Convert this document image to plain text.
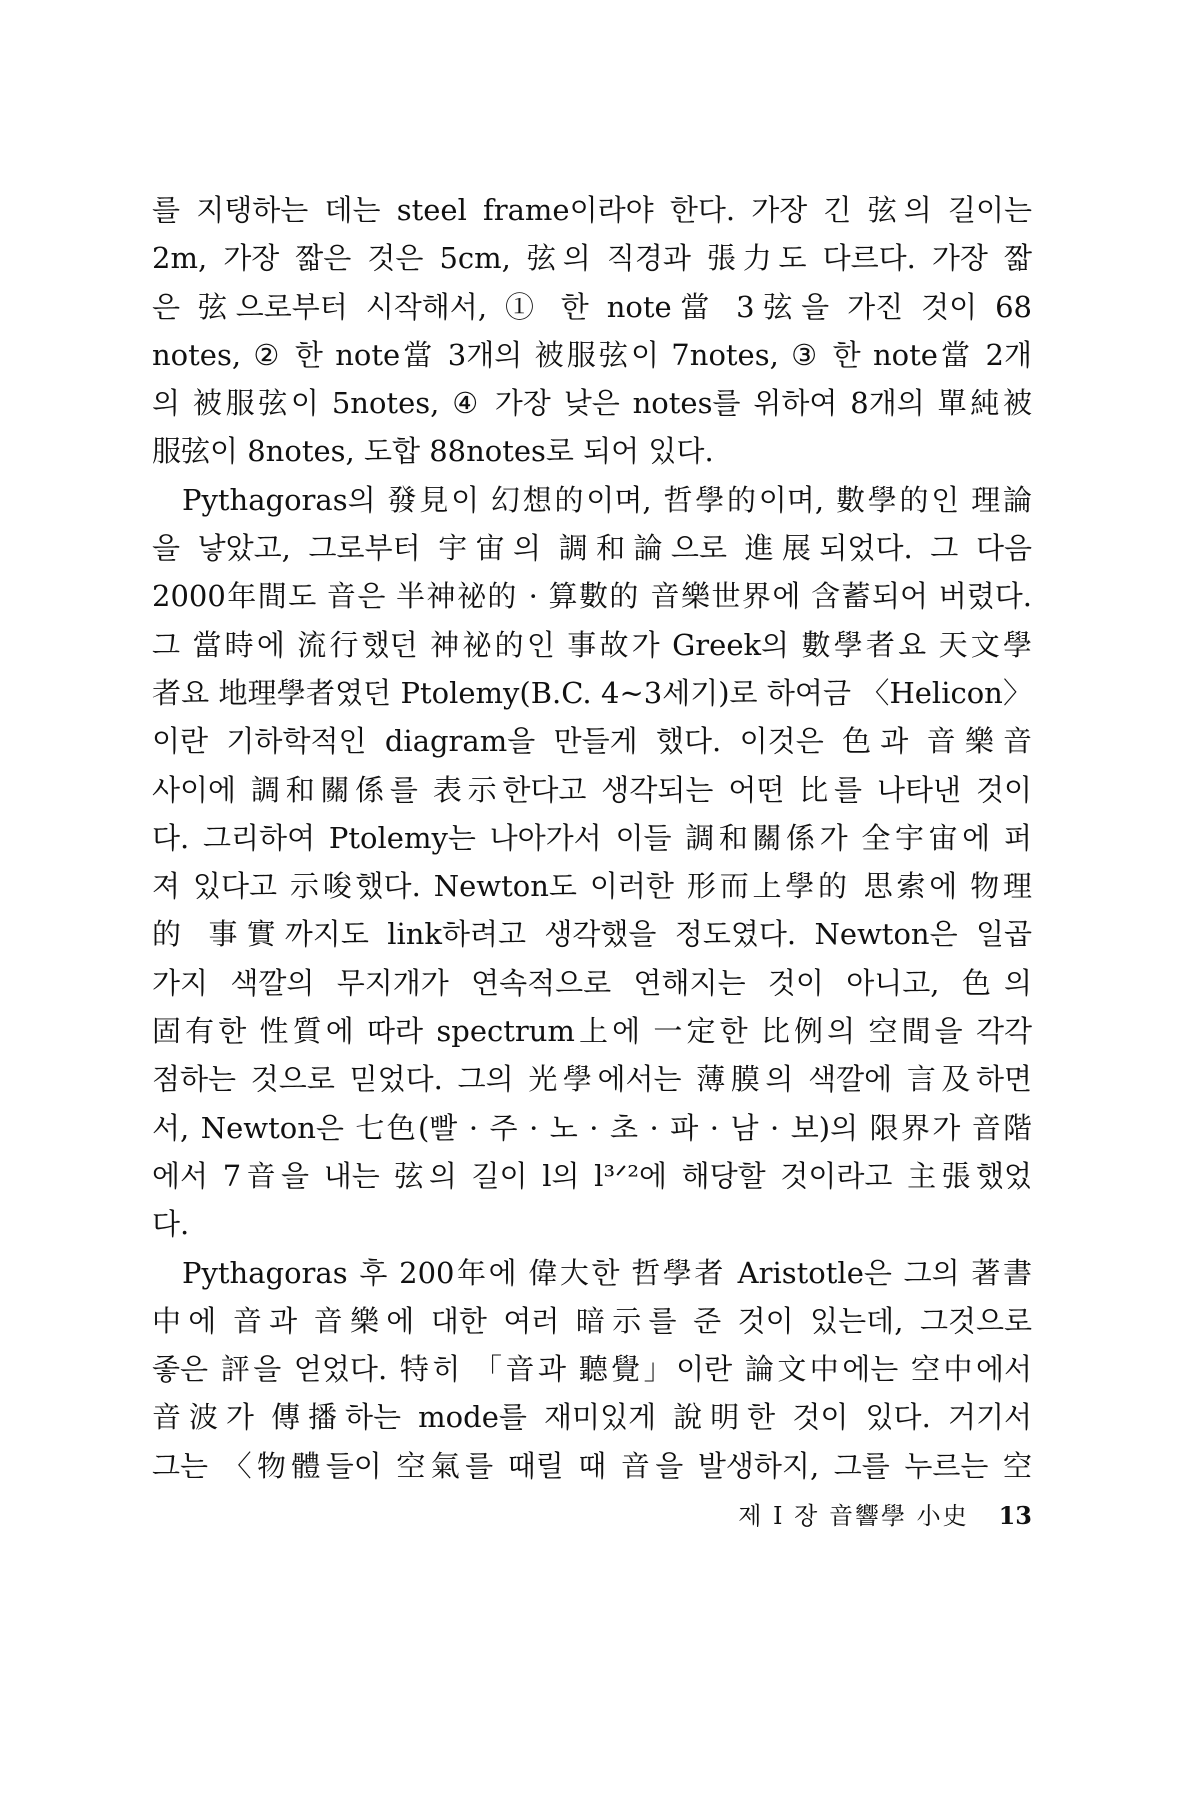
를 지탱하는 데는 steel frame이라야 한다. 가장 긴 弦의 길이는
2m, 가장 짧은 것은 5cm, 弦의 직경과 張力도 다르다. 가장 짧
은 弦으로부터 시작해서, ① 한 note當 3弦을 가진 것이 68
notes, ② 한 note當 3개의 被服弦이 7notes, ③ 한 note當 2개
의 被服弦이 5notes, ④ 가장 낮은 notes를 위하여 8개의 單純被
服弦이 8notes, 도합 88notes로 되어 있다.
Pythagoras의 發見이 幻想的이며, 哲學的이며, 數學的인 理論
을 낳았고, 그로부터 宇宙의 調和論으로 進展되었다. 그 다음
2000年間도 音은 半神祕的 · 算數的 音樂世界에 含蓄되어 버렸다.
그 當時에 流行했던 神祕的인 事故가 Greek의 數學者요 天文學
者요 地理學者였던 Ptolemy(B.C. 4~3세기)로 하여금 〈Helicon〉
이란 기하학적인 diagram을 만들게 했다. 이것은 色과 音樂音
사이에 調和關係를 表示한다고 생각되는 어떤 比를 나타낸 것이
다. 그리하여 Ptolemy는 나아가서 이들 調和關係가 全宇宙에 퍼
져 있다고 示唆했다. Newton도 이러한 形而上學的 思索에 物理
的 事實까지도 link하려고 생각했을 정도였다. Newton은 일곱
가지 색깔의 무지개가 연속적으로 연해지는 것이 아니고, 色의
固有한 性質에 따라 spectrum上에 一定한 比例의 空間을 각각
점하는 것으로 믿었다. 그의 光學에서는 薄膜의 색깔에 言及하면
서, Newton은 七色(빨 · 주 · 노 · 초 · 파 · 남 · 보)의 限界가 音階
에서 7音을 내는 弦의 길이 l의 l³ᐟ²에 해당할 것이라고 主張했었
다.
Pythagoras 후 200年에 偉大한 哲學者 Aristotle은 그의 著書
中에 音과 音樂에 대한 여러 暗示를 준 것이 있는데, 그것으로
좋은 評을 얻었다. 特히 「音과 聽覺」이란 論文中에는 空中에서
音波가 傳播하는 mode를 재미있게 說明한 것이 있다. 거기서
그는 〈物體들이 空氣를 때릴 때 音을 발생하지, 그를 누르는 空
제 I 장 音響學 小史 13
